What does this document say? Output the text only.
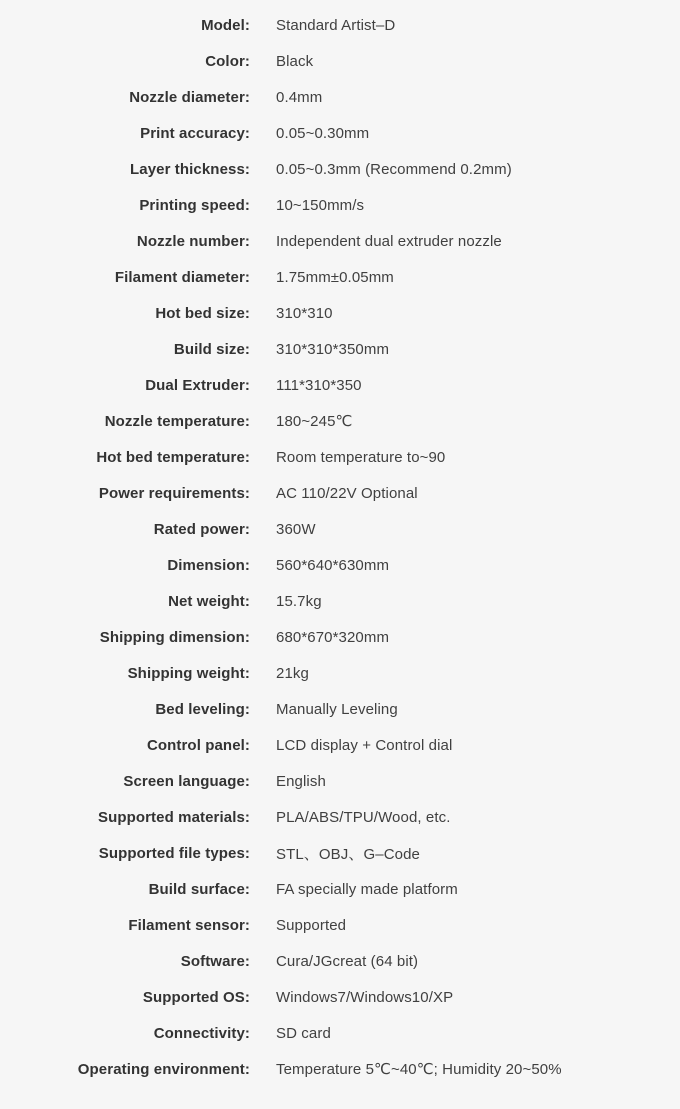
Model:	Standard Artist–D
Color:	Black
Nozzle diameter:	0.4mm
Print accuracy:	0.05~0.30mm
Layer thickness:	0.05~0.3mm (Recommend 0.2mm)
Printing speed:	10~150mm/s
Nozzle number:	Independent dual extruder nozzle
Filament diameter:	1.75mm±0.05mm
Hot bed size:	310*310
Build size:	310*310*350mm
Dual Extruder:	111*310*350
Nozzle temperature:	180~245℃
Hot bed temperature:	Room temperature to~90
Power requirements:	AC 110/22V Optional
Rated power:	360W
Dimension:	560*640*630mm
Net weight:	15.7kg
Shipping dimension:	680*670*320mm
Shipping weight:	21kg
Bed leveling:	Manually Leveling
Control panel:	LCD display + Control dial
Screen language:	English
Supported materials:	PLA/ABS/TPU/Wood, etc.
Supported file types:	STL、OBJ、G–Code
Build surface:	FA specially made platform
Filament sensor:	Supported
Software:	Cura/JGcreat (64 bit)
Supported OS:	Windows7/Windows10/XP
Connectivity:	SD card
Operating environment:	Temperature 5℃~40℃; Humidity 20~50%
